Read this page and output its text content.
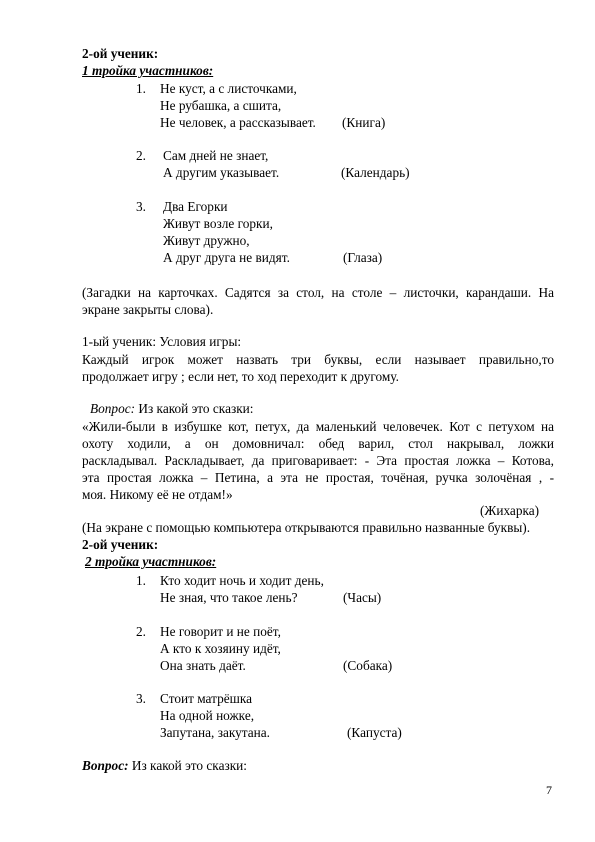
2-ой ученик:
1 тройка участников:
1. Не куст, а с листочками,
Не рубашка, а сшита,
Не человек, а рассказывает. (Книга)
2. Сам дней не знает,
А другим указывает.	(Календарь)
3. Два Егорки
Живут возле горки,
Живут дружно,
А друг друга не видят.	(Глаза)
(Загадки на карточках. Садятся за стол, на столе – листочки, карандаши. На
экране закрыты слова).
1-ый ученик: Условия игры:
Каждый игрок может назвать три буквы, если называет правильно,то
продолжает игру ; если нет, то ход переходит к другому.
Вопрос: Из какой это сказки:
«Жили-были в избушке кот, петух, да маленький человечек. Кот с петухом на
охоту ходили, а он домовничал: обед варил, стол накрывал, ложки
раскладывал. Раскладывает, да приговаривает: - Эта простая ложка – Котова,
эта простая ложка – Петина, а эта не простая, точёная, ручка золочёная , -
моя. Никому её не отдам!»
(Жихарка)
(На экране с помощью компьютера открываются правильно названные буквы).
2-ой ученик:
2 тройка участников:
1. Кто ходит ночь и ходит день,
Не зная, что такое лень?	(Часы)
2. Не говорит и не поёт,
А кто к хозяину идёт,
Она знать даёт.	(Собака)
3. Стоит матрёшка
На одной ножке,
Запутана, закутана.	(Капуста)
Вопрос: Из какой это сказки:
7
